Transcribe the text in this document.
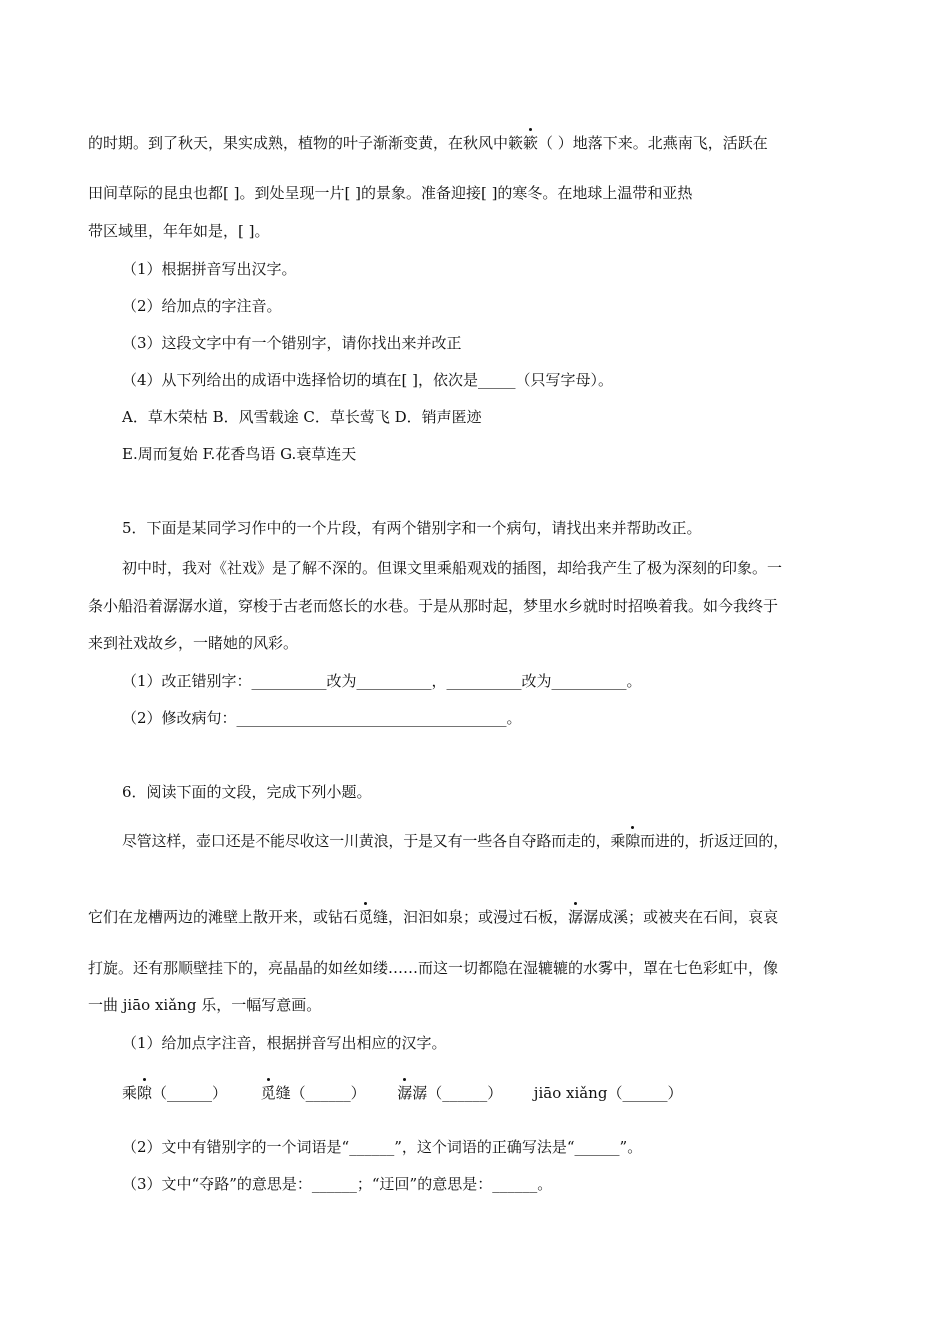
的时期。到了秋天，果实成熟，植物的叶子渐渐变黄，在秋风中簌簌（ ）地落下来。北燕南飞，活跃在
田间草际的昆虫也都[ ]。到处呈现一片[ ]的景象。准备迎接[ ]的寒冬。在地球上温带和亚热
带区域里，年年如是，[ ]。
（1）根据拼音写出汉字。
（2）给加点的字注音。
（3）这段文字中有一个错别字，请你找出来并改正
（4）从下列给出的成语中选择恰切的填在[ ]，依次是_____（只写字母）。
A．草木荣枯 B．风雪载途 C．草长莺飞 D．销声匿迹
E.周而复始 F.花香鸟语 G.衰草连天
5．下面是某同学习作中的一个片段，有两个错别字和一个病句，请找出来并帮助改正。
初中时，我对《社戏》是了解不深的。但课文里乘船观戏的插图，却给我产生了极为深刻的印象。一
条小船沿着潺潺水道，穿梭于古老而悠长的水巷。于是从那时起，梦里水乡就时时招唤着我。如今我终于
来到社戏故乡，一睹她的风彩。
（1）改正错别字：__________改为__________，__________改为__________。
（2）修改病句：____________________________________。
6．阅读下面的文段，完成下列小题。
尽管这样，壶口还是不能尽收这一川黄浪，于是又有一些各自夺路而走的，乘隙而进的，折返迂回的，
它们在龙槽两边的滩壁上散开来，或钻石觅缝，汩汩如泉；或漫过石板，潺潺成溪；或被夹在石间，哀哀
打旋。还有那顺壁挂下的，亮晶晶的如丝如缕……而这一切都隐在湿辘辘的水雾中，罩在七色彩虹中，像
一曲 jiāo xiǎng 乐，一幅写意画。
（1）给加点字注音，根据拼音写出相应的汉字。
乘隙（______） 觅缝（______） 潺潺（______） jiāo xiǎng（______）
（2）文中有错别字的一个词语是“______”，这个词语的正确写法是“______”。
（3）文中“夺路”的意思是：______；“迂回”的意思是：______。
